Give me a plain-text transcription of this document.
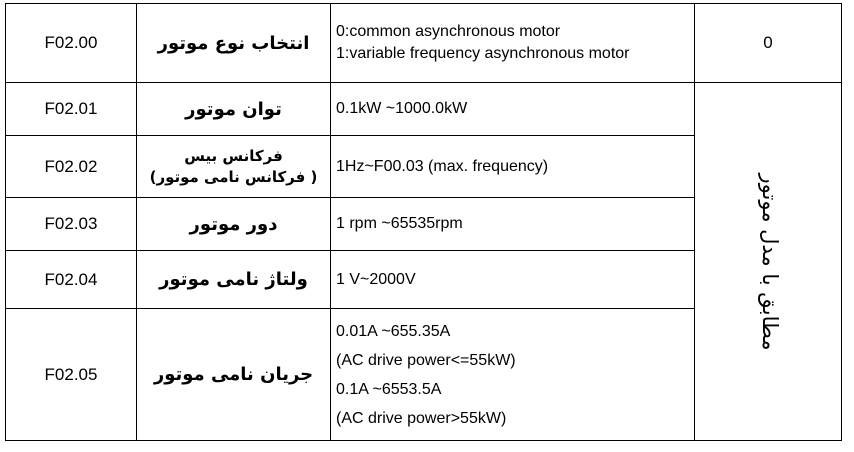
F02.00	انتخاب نوع موتور	0:common asynchronous motor
1:variable frequency asynchronous motor	0
F02.01	توان موتور	0.1kW ~1000.0kW	مطابق با مدل موتور

F02.02	فرکانس بیس
( فرکانس نامی موتور)	1Hz~F00.03 (max. frequency)	
F02.03	دور موتور	1 rpm ~65535rpm	
F02.04	ولتاژ نامی موتور	1 V~2000V	
F02.05	جریان نامی موتور	0.01A ~655.35A
(AC drive power<=55kW)
0.1A ~6553.5A
(AC drive power>55kW)	
